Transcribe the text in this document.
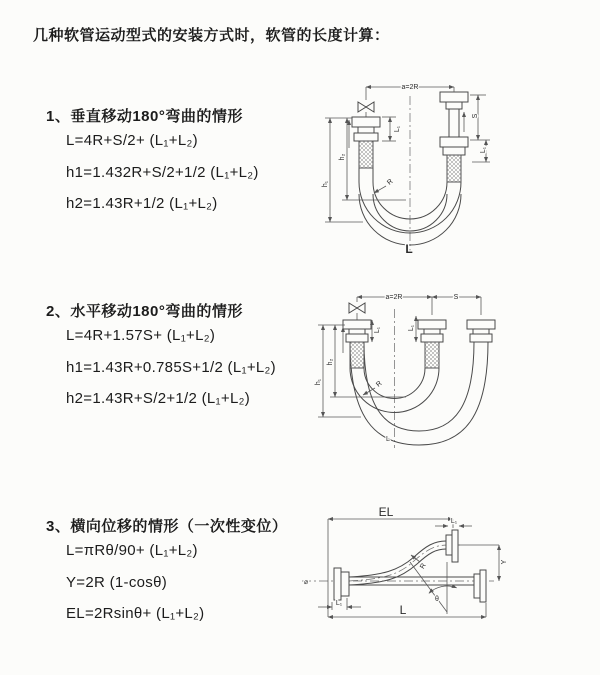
几种软管运动型式的安装方式时，软管的长度计算：
1、垂直移动180°弯曲的情形
L=4R+S/2+ (L₁+L₂)
h1=1.432R+S/2+1/2 (L₁+L₂)
h2=1.43R+1/2 (L₁+L₂)
2、水平移动180°弯曲的情形
L=4R+1.57S+ (L₁+L₂)
h1=1.43R+0.785S+1/2 (L₁+L₂)
h2=1.43R+S/2+1/2 (L₁+L₂)
3、横向位移的情形（一次性变位）
L=πRθ/90+ (L₁+L₂)
Y=2R (1-cosθ)
EL=2Rsinθ+ (L₁+L₂)
a=2R
L₁
S
L₁
h₁
h₂
R
L
a=2R	S
L₁	L₁
h₁
h₂
R
L
⌀
θ
EL
L₁
L₁
Y
R
L
